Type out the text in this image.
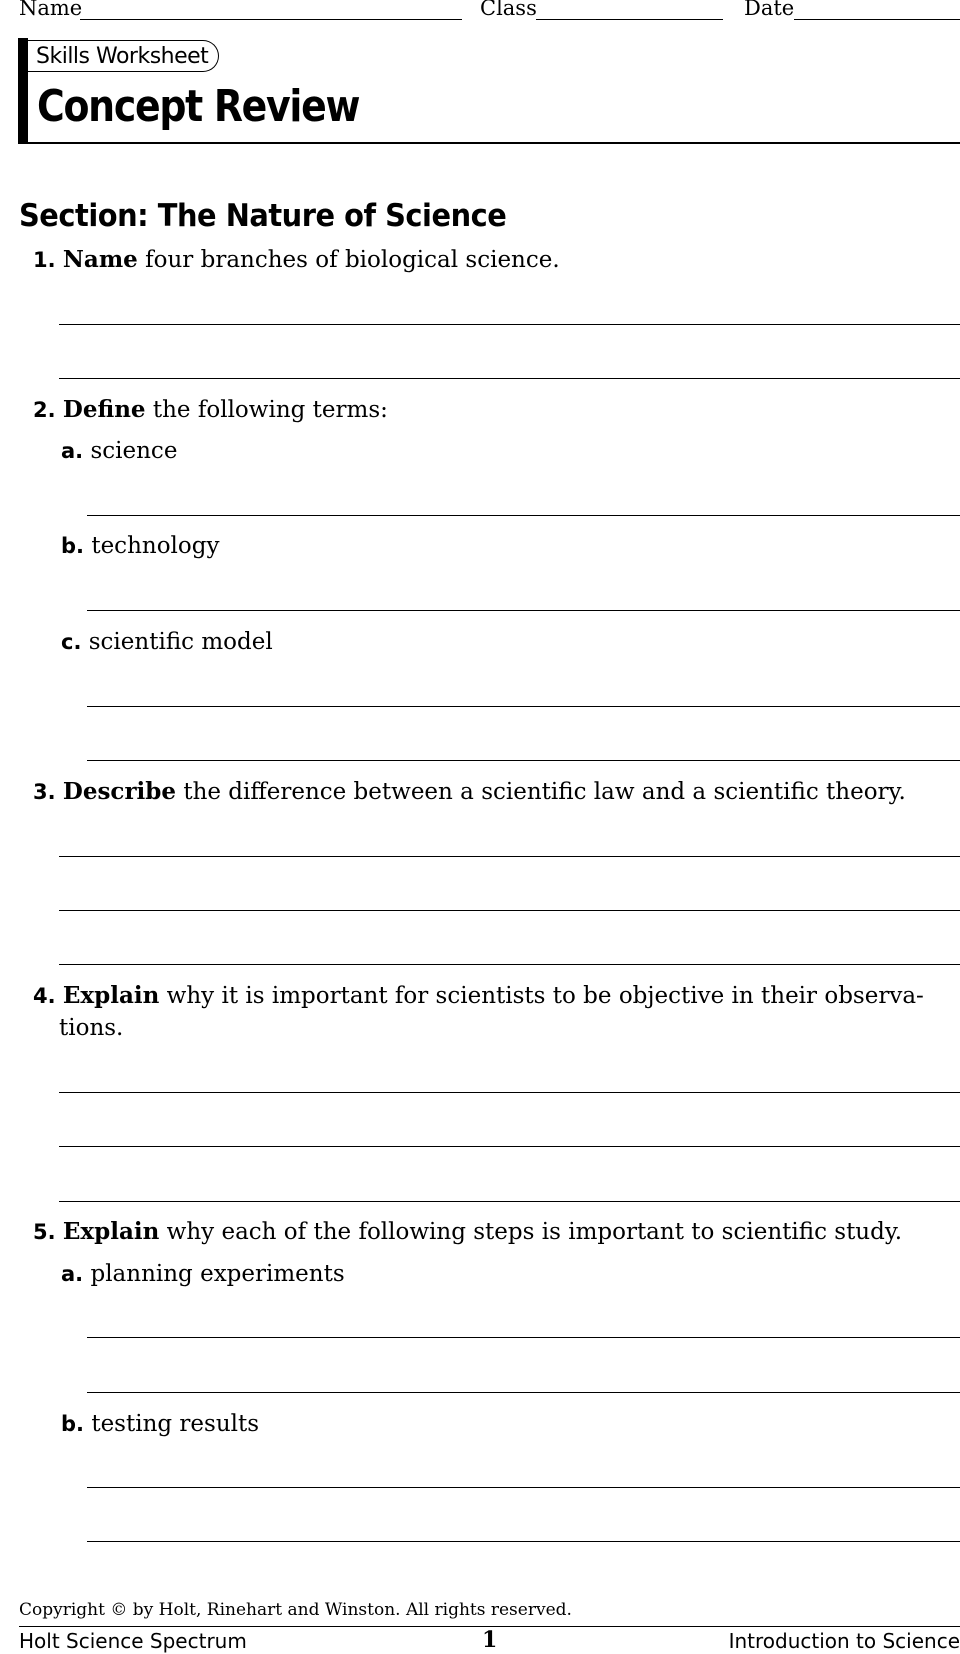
Name	Class	Date
Skills Worksheet
Concept Review
Section: The Nature of Science
1. Name four branches of biological science.
2. Define the following terms:
a. science
b. technology
c. scientific model
3. Describe the difference between a scientific law and a scientific theory.
4. Explain why it is important for scientists to be objective in their observa-
tions.
5. Explain why each of the following steps is important to scientific study.
a. planning experiments
b. testing results
Copyright © by Holt, Rinehart and Winston. All rights reserved.
Holt Science Spectrum	1	Introduction to Science
